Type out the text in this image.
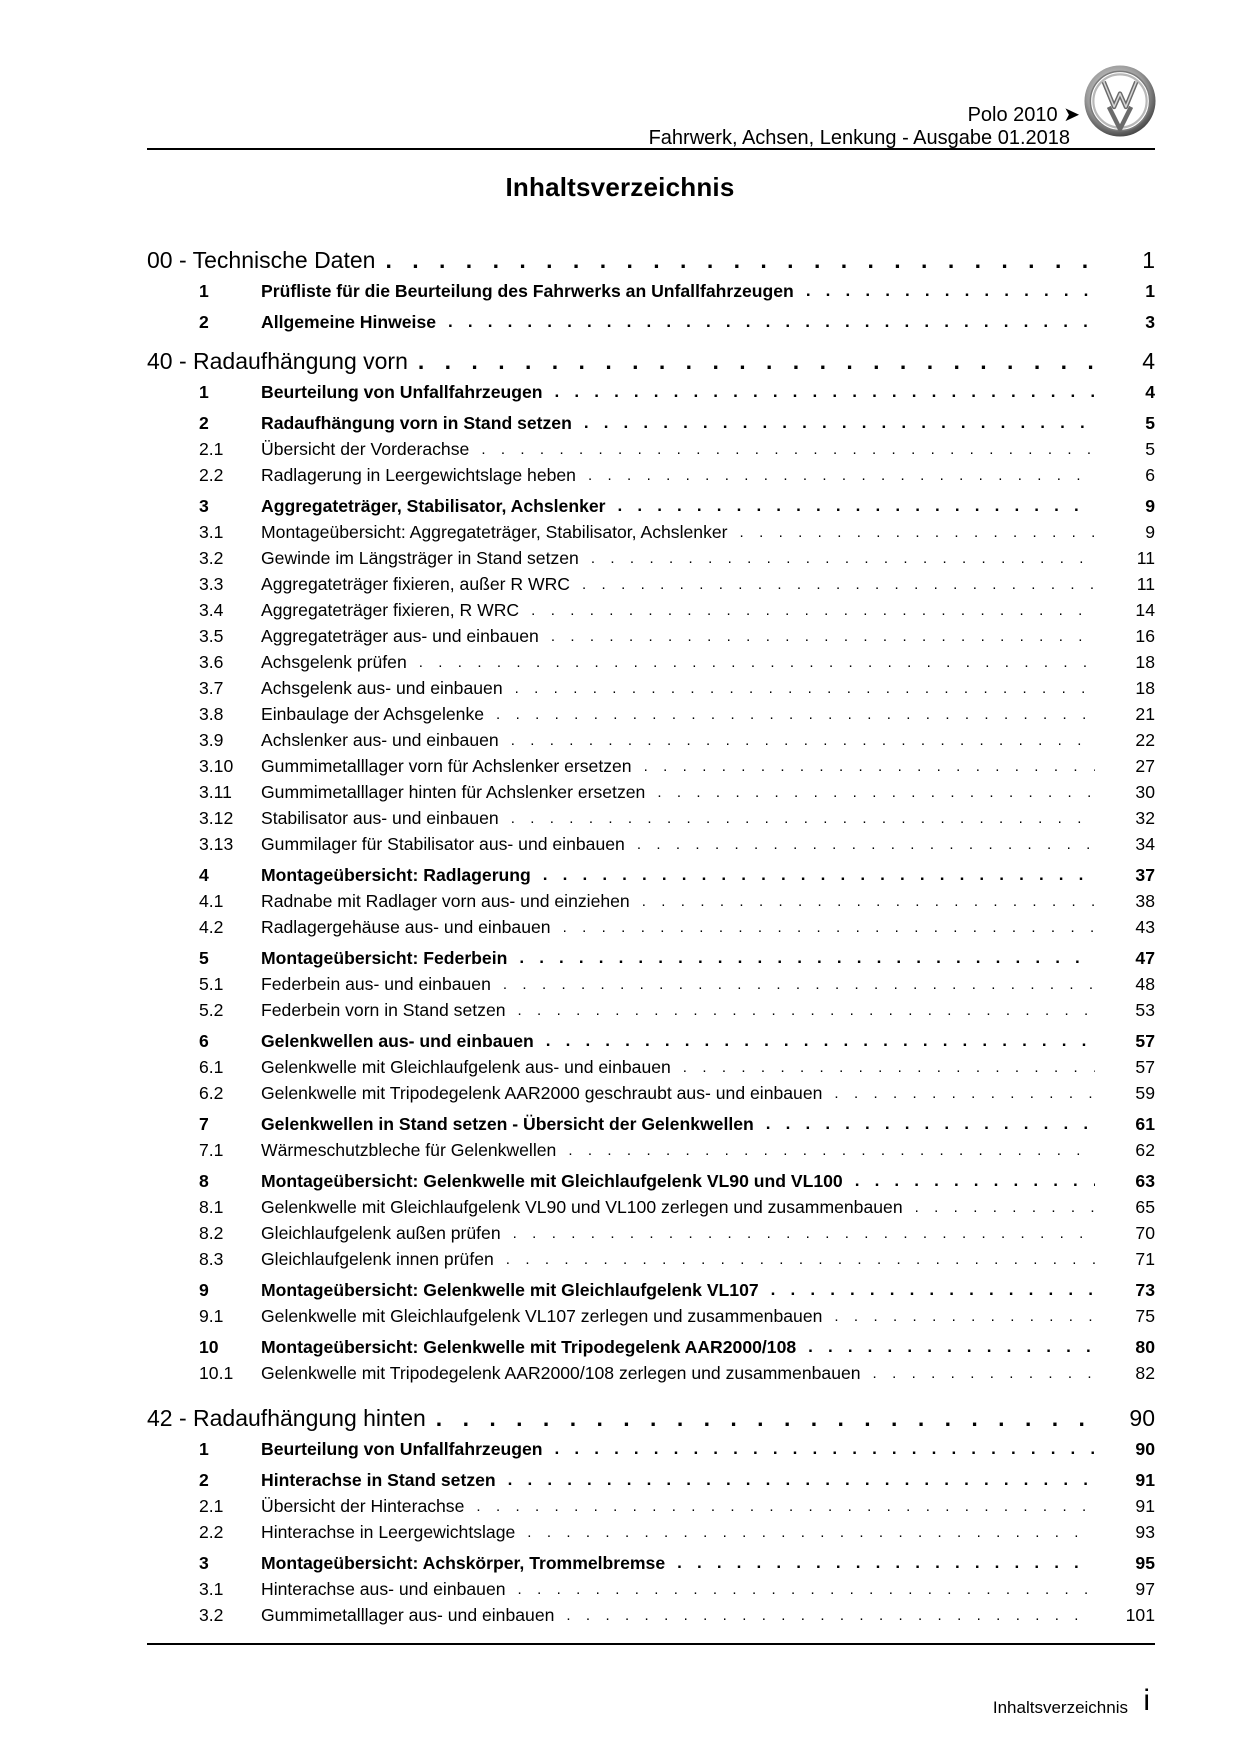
Polo 2010 ➤
Fahrwerk, Achsen, Lenkung - Ausgabe 01.2018
Inhaltsverzeichnis
00 - Technische Daten . . .	1
1	Prüfliste für die Beurteilung des Fahrwerks an Unfallfahrzeugen . . .	1
2	Allgemeine Hinweise . . .	3
40 - Radaufhängung vorn . . .	4
1	Beurteilung von Unfallfahrzeugen . . .	4
2	Radaufhängung vorn in Stand setzen . . .	5
2.1	Übersicht der Vorderachse . . .	5
2.2	Radlagerung in Leergewichtslage heben . . .	6
3	Aggregateträger, Stabilisator, Achslenker . . .	9
3.1	Montageübersicht: Aggregateträger, Stabilisator, Achslenker . . .	9
3.2	Gewinde im Längsträger in Stand setzen . . .	11
3.3	Aggregateträger fixieren, außer R WRC . . .	11
3.4	Aggregateträger fixieren, R WRC . . .	14
3.5	Aggregateträger aus- und einbauen . . .	16
3.6	Achsgelenk prüfen . . .	18
3.7	Achsgelenk aus- und einbauen . . .	18
3.8	Einbaulage der Achsgelenke . . .	21
3.9	Achslenker aus- und einbauen . . .	22
3.10	Gummimetalllager vorn für Achslenker ersetzen . . .	27
3.11	Gummimetalllager hinten für Achslenker ersetzen . . .	30
3.12	Stabilisator aus- und einbauen . . .	32
3.13	Gummilager für Stabilisator aus- und einbauen . . .	34
4	Montageübersicht: Radlagerung . . .	37
4.1	Radnabe mit Radlager vorn aus- und einziehen . . .	38
4.2	Radlagergehäuse aus- und einbauen . . .	43
5	Montageübersicht: Federbein . . .	47
5.1	Federbein aus- und einbauen . . .	48
5.2	Federbein vorn in Stand setzen . . .	53
6	Gelenkwellen aus- und einbauen . . .	57
6.1	Gelenkwelle mit Gleichlaufgelenk aus- und einbauen . . .	57
6.2	Gelenkwelle mit Tripodegelenk AAR2000 geschraubt aus- und einbauen . . .	59
7	Gelenkwellen in Stand setzen - Übersicht der Gelenkwellen . . .	61
7.1	Wärmeschutzbleche für Gelenkwellen . . .	62
8	Montageübersicht: Gelenkwelle mit Gleichlaufgelenk VL90 und VL100 . . .	63
8.1	Gelenkwelle mit Gleichlaufgelenk VL90 und VL100 zerlegen und zusammenbauen . . .	65
8.2	Gleichlaufgelenk außen prüfen . . .	70
8.3	Gleichlaufgelenk innen prüfen . . .	71
9	Montageübersicht: Gelenkwelle mit Gleichlaufgelenk VL107 . . .	73
9.1	Gelenkwelle mit Gleichlaufgelenk VL107 zerlegen und zusammenbauen . . .	75
10	Montageübersicht: Gelenkwelle mit Tripodegelenk AAR2000/108 . . .	80
10.1	Gelenkwelle mit Tripodegelenk AAR2000/108 zerlegen und zusammenbauen . . .	82
42 - Radaufhängung hinten . . .	90
1	Beurteilung von Unfallfahrzeugen . . .	90
2	Hinterachse in Stand setzen . . .	91
2.1	Übersicht der Hinterachse . . .	91
2.2	Hinterachse in Leergewichtslage . . .	93
3	Montageübersicht: Achskörper, Trommelbremse . . .	95
3.1	Hinterachse aus- und einbauen . . .	97
3.2	Gummimetalllager aus- und einbauen . . .	101
Inhaltsverzeichnis i
